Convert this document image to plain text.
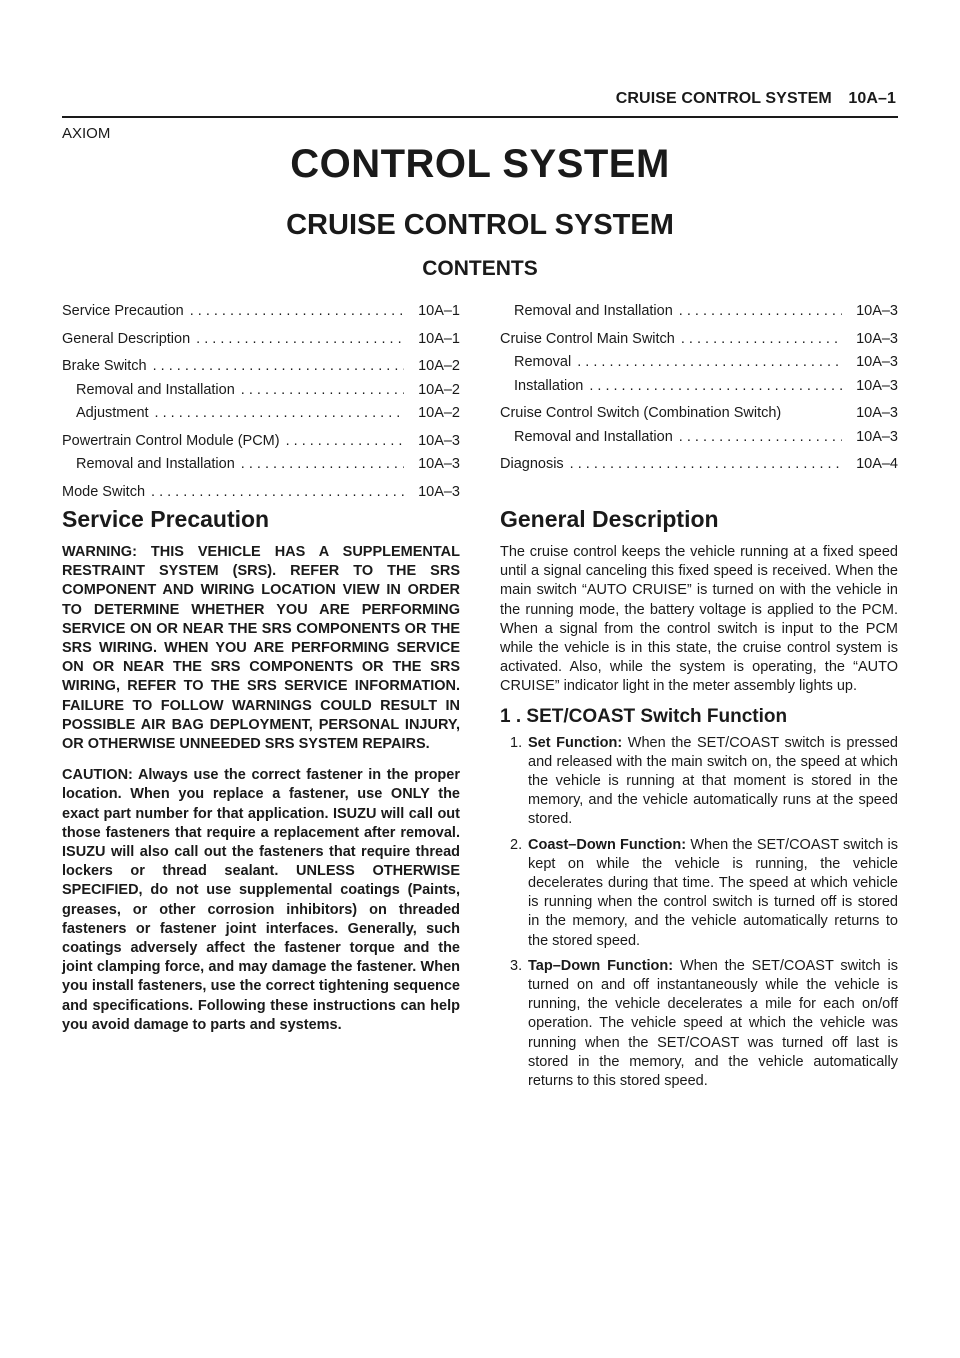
CRUISE CONTROL SYSTEM 10A–1
AXIOM
CONTROL SYSTEM
CRUISE CONTROL SYSTEM
CONTENTS
Service Precaution . . .	10A–1
General Description . . .	10A–1
Brake Switch . . .	10A–2
Removal and Installation . . .	10A–2
Adjustment . . .	10A–2
Powertrain Control Module (PCM) . . .	10A–3
Removal and Installation . . .	10A–3
Mode Switch . . .	10A–3
Removal and Installation . . .	10A–3
Cruise Control Main Switch . . .	10A–3
Removal . . .	10A–3
Installation . . .	10A–3
Cruise Control Switch (Combination Switch)	10A–3
Removal and Installation . . .	10A–3
Diagnosis . . .	10A–4
Service Precaution

WARNING: THIS VEHICLE HAS A SUPPLEMENTAL RESTRAINT SYSTEM (SRS). REFER TO THE SRS COMPONENT AND WIRING LOCATION VIEW IN ORDER TO DETERMINE WHETHER YOU ARE PERFORMING SERVICE ON OR NEAR THE SRS COMPONENTS OR THE SRS WIRING. WHEN YOU ARE PERFORMING SERVICE ON OR NEAR THE SRS COMPONENTS OR THE SRS WIRING, REFER TO THE SRS SERVICE INFORMATION. FAILURE TO FOLLOW WARNINGS COULD RESULT IN POSSIBLE AIR BAG DEPLOYMENT, PERSONAL INJURY, OR OTHERWISE UNNEEDED SRS SYSTEM REPAIRS.

CAUTION: Always use the correct fastener in the proper location. When you replace a fastener, use ONLY the exact part number for that application. ISUZU will call out those fasteners that require a replacement after removal. ISUZU will also call out the fasteners that require thread lockers or thread sealant. UNLESS OTHERWISE SPECIFIED, do not use supplemental coatings (Paints, greases, or other corrosion inhibitors) on threaded fasteners or fastener joint interfaces. Generally, such coatings adversely affect the fastener torque and the joint clamping force, and may damage the fastener. When you install fasteners, use the correct tightening sequence and specifications. Following these instructions can help you avoid damage to parts and systems.

General Description

The cruise control keeps the vehicle running at a fixed speed until a signal canceling this fixed speed is received. When the main switch “AUTO CRUISE” is turned on with the vehicle in the running mode, the battery voltage is applied to the PCM. When a signal from the control switch is input to the PCM while the vehicle is in this state, the cruise control system is activated. Also, while the system is operating, the “AUTO CRUISE” indicator light in the meter assembly lights up.

1 . SET/COAST Switch Function
1. Set Function: When the SET/COAST switch is pressed and released with the main switch on, the speed at which the vehicle is running at that moment is stored in the memory, and the vehicle automatically runs at the speed stored.
2. Coast–Down Function: When the SET/COAST switch is kept on while the vehicle is running, the vehicle decelerates during that time. The speed at which vehicle is running when the control switch is turned off is stored in the memory, and the vehicle automatically returns to the stored speed.
3. Tap–Down Function: When the SET/COAST switch is turned on and off instantaneously while the vehicle is running, the vehicle decelerates a mile for each on/off operation. The vehicle speed at which the vehicle was running when the SET/COAST was turned off last is stored in the memory, and the vehicle automatically returns to this stored speed.
